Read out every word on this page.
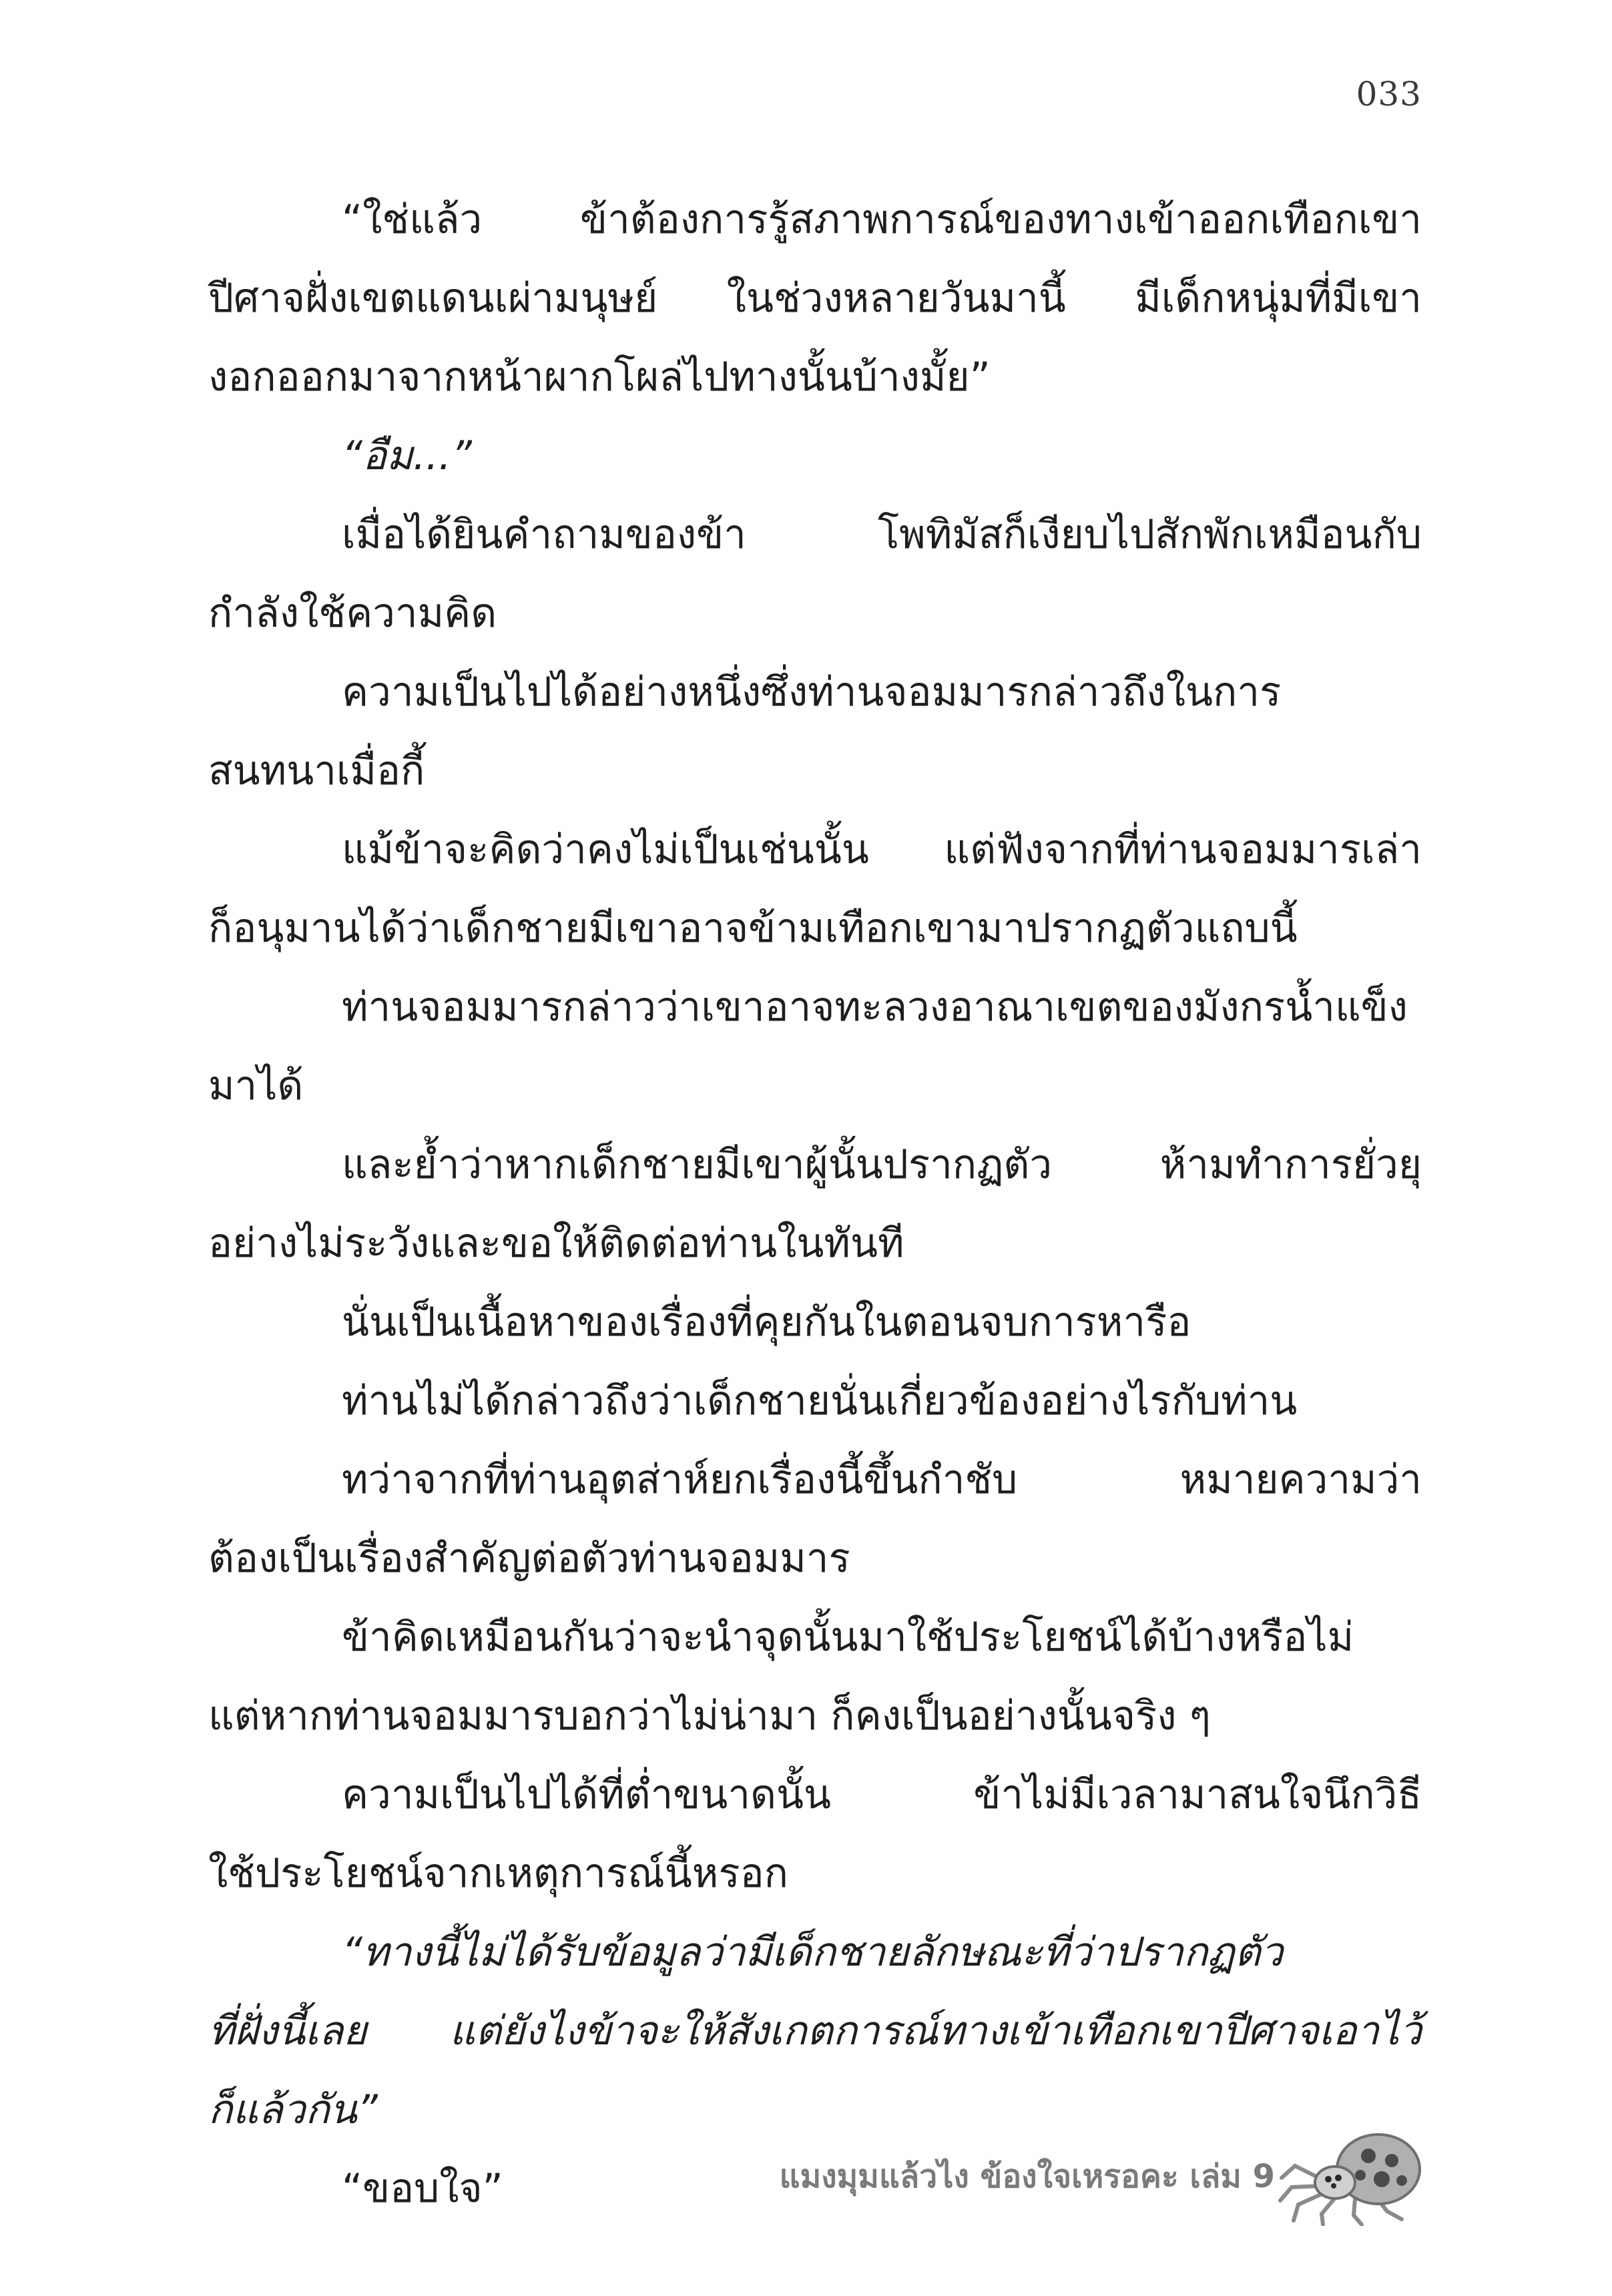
033
“ใช่แล้ว ข้าต้องการรู้สภาพการณ์ของทางเข้าออกเทือกเขา
ปีศาจฝั่งเขตแดนเผ่ามนุษย์ ในช่วงหลายวันมานี้ มีเด็กหนุ่มที่มีเขา
งอกออกมาจากหน้าผากโผล่ไปทางนั้นบ้างมั้ย”
“อืม...”
เมื่อได้ยินคำถามของข้า โพทิมัสก็เงียบไปสักพักเหมือนกับ
กำลังใช้ความคิด
ความเป็นไปได้อย่างหนึ่งซึ่งท่านจอมมารกล่าวถึงในการ
สนทนาเมื่อกี้
แม้ข้าจะคิดว่าคงไม่เป็นเช่นนั้น แต่ฟังจากที่ท่านจอมมารเล่า
ก็อนุมานได้ว่าเด็กชายมีเขาอาจข้ามเทือกเขามาปรากฏตัวแถบนี้
ท่านจอมมารกล่าวว่าเขาอาจทะลวงอาณาเขตของมังกรน้ำแข็ง
มาได้
และย้ำว่าหากเด็กชายมีเขาผู้นั้นปรากฏตัว ห้ามทำการยั่วยุ
อย่างไม่ระวังและขอให้ติดต่อท่านในทันที
นั่นเป็นเนื้อหาของเรื่องที่คุยกันในตอนจบการหารือ
ท่านไม่ได้กล่าวถึงว่าเด็กชายนั่นเกี่ยวข้องอย่างไรกับท่าน
ทว่าจากที่ท่านอุตส่าห์ยกเรื่องนี้ขึ้นกำชับ หมายความว่า
ต้องเป็นเรื่องสำคัญต่อตัวท่านจอมมาร
ข้าคิดเหมือนกันว่าจะนำจุดนั้นมาใช้ประโยชน์ได้บ้างหรือไม่
แต่หากท่านจอมมารบอกว่าไม่น่ามา ก็คงเป็นอย่างนั้นจริง ๆ
ความเป็นไปได้ที่ต่ำขนาดนั้น ข้าไม่มีเวลามาสนใจนึกวิธี
ใช้ประโยชน์จากเหตุการณ์นี้หรอก
“ทางนี้ไม่ได้รับข้อมูลว่ามีเด็กชายลักษณะที่ว่าปรากฏตัว
ที่ฝั่งนี้เลย แต่ยังไงข้าจะให้สังเกตการณ์ทางเข้าเทือกเขาปีศาจเอาไว้
ก็แล้วกัน”
“ขอบใจ”	แมงมุมแล้วไง ข้องใจเหรอคะ เล่ม 9
